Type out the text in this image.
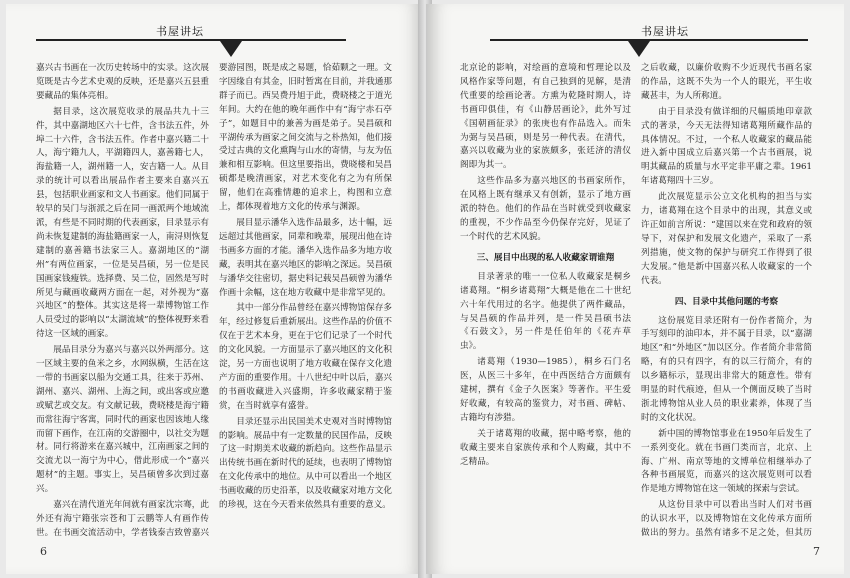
书屋讲坛

嘉兴古书画在一次历史转场中的实录。这次展览既是古今艺术史观的反映，还是嘉兴五县重要藏品的集体亮相。

据目录，这次展览收录的展品共九十三件，其中嘉湖地区六十七件，含书法五件，外埠二十六件，含书法五件。作者中嘉兴籍二十人，海宁籍九人，平湖籍四人，嘉善籍七人，海盐籍一人，湖州籍一人，安吉籍一人。从目录的统计可以看出展品作者主要来自嘉兴五县，包括职业画家和文人书画家。他们同属于较早的吴门与浙派之后在同一画派两个地域流派，有些是不同时期的代表画家，目录显示有尚未恢复建制的海盐籍画家一人，南浔则恢复建制的嘉善籍书法家三人。嘉湖地区的“湖州”有两位画家，一位是吴昌硕，另一位是民国画家钱瘦铁。选择费、吴二位，固然是写时所见与藏画收藏两方面在一起，对外视为“嘉兴地区”的整体。其实这是将一辈博物馆工作人员受过的影响以“太湖流域”的整体视野来看待这一区域的画家。

展品目录分为嘉兴与嘉兴以外两部分。这一区域主要的鱼米之乡，水网纵横，生活在这一带的书画家以船为交通工具，往来于苏州、湖州、嘉兴、湖州、上海之间，或出客或应邀或赋艺或交友。有文献记载，费晓楼是海宁籍而常往海宁客寓，同时代的画家也因该地人缘而留下画作，在江南的交游圈中，以社交为题材。同行将游来在嘉兴城中，江南画家之间的交流尤以一海宁为中心，借此形成一个“嘉兴题材”的主题。事实上，吴昌硕曾多次到过嘉兴。

嘉兴在清代道光年间就有画家沈宗骞，此外还有海宁籍张宗苍和丁云鹏等人有画作传世。在书画交流活动中，学者钱泰吉致曾嘉兴

要游园图，既是成之易题，恰茹颗之一理。文字因缘自有其金，旧时暂寓在目前，并我通那群子而已。西吴费丹旭于此，费晓楼之于道光年间。大约在他的晚年画作中有“海宁赤石亭子”，如题目中的兼善为画是弟子。吴昌硕和平湖传承为画家之间交流与之朴热知，他们接受过古典的文化熏陶与山水的寄情，与友为伍兼和相互影响。但这里要指出，费晓楼和吴昌硕都是晚清画家，对艺术变化有之为有所保留，他们在高雅情趣的追求上，构图和立意上，都体现着地方文化的传承与渊源。

展目显示潘华入选作品最多，达十幅，远远超过其他画家，同辈和晚辈，展现出他在诗书画多方面的才能。潘华入选作品多为地方收藏，表明其在嘉兴地区的影响之深远。吴昌硕与潘华交往密切，据史料记载吴昌硕曾为潘华作画十余幅，这在地方收藏中是非常罕见的。

其中一部分作品曾经在嘉兴博物馆保存多年，经过修复后重新展出。这些作品的价值不仅在于艺术本身，更在于它们记录了一个时代的文化风貌。一方面显示了嘉兴地区的文化积淀，另一方面也说明了地方收藏在保存文化遗产方面的重要作用。十八世纪中叶以后，嘉兴的书画收藏进入兴盛期，许多收藏家精于鉴赏，在当时就享有盛誉。

目录还显示出民国美术史观对当时博物馆的影响。展品中有一定数量的民国作品，反映了这一时期美术收藏的新趋向。这些作品显示出传统书画在新时代的延续，也表明了博物馆在文化传承中的地位。从中可以看出一个地区书画收藏的历史沿革，以及收藏家对地方文化的珍视，这在今天看来依然具有重要的意义。

6
书屋讲坛

北京论的影响，对绘画的意境和哲理论以及风格作家等问题，有自己独到的见解，是清代重要的绘画论著。方熏为乾隆时期人，诗书画印俱佳，有《山静居画论》，此外写过《国朝画征录》的张庚也有作品选入。而朱为弼与吴昌硕，则是另一种代表。在清代，嘉兴以收藏为业的家族颇多，张廷济的清仪阁即为其一。

这些作品多为嘉兴地区的书画家所作，在风格上既有继承又有创新，显示了地方画派的特色。他们的作品在当时就受到收藏家的重视，不少作品至今仍保存完好，见证了一个时代的艺术风貌。

三、展目中出现的私人收藏家谓谁翔

目录著录的唯一一位私人收藏家是桐乡诸葛翔。“桐乡诸葛翔”大概是他在二十世纪六十年代用过的名字。他提供了两件藏品，与吴昌硕的作品并列，是一件吴昌硕书法《石鼓文》，另一件是任伯年的《花卉草虫》。

诸葛翔（1930—1985），桐乡石门名医，从医三十多年，在中西医结合方面颇有建树，撰有《金子久医案》等著作。平生爱好收藏，有较高的鉴赏力，对书画、碑帖、古籍均有涉猎。

关于诸葛翔的收藏，据中略考察，他的收藏主要来自家族传承和个人购藏，其中不乏精品。

之后收藏，以廉价收购不少近现代书画名家的作品，这既不失为一个人的眼光，平生收藏甚丰，为人所称道。

由于目录没有做详细的尺幅质地印章款式的著录，今天无法得知诸葛翔所藏作品的具体情况。不过，一个私人收藏家的藏品能进入新中国成立后嘉兴第一个古书画展，说明其藏品的质量与水平定非平庸之辈。1961年诸葛翔四十三岁。

此次展览显示公立文化机构的担当与实力，诸葛翔在这个目录中的出现，其意义或许正如前言所说：“建国以来在党和政府的领导下，对保护和发展文化遗产，采取了一系列措施，使文物的保护与研究工作得到了很大发展。”他是新中国嘉兴私人收藏家的一个代表。

四、目录中其他问题的考察

这份展览目录还附有一份作者简介，为手写刻印的油印本，并不属于目录，以“嘉湖地区”和“外地区”加以区分。作者简介非常简略，有的只有四字，有的以三行简介，有的以乡籍标示，显现出非常大的随意性。带有明显的时代痕迹，但从一个侧面反映了当时浙北博物馆从业人员的职业素养，体现了当时的文化状况。

新中国的博物馆事业在1950年后发生了一系列变化。就在书画门类而言，北京、上海、广州、南京等地的文博单位相继举办了各种书画展览，而嘉兴的这次展览则可以看作是地方博物馆在这一领域的探索与尝试。

从这份目录中可以看出当时人们对书画的认识水平，以及博物馆在文化传承方面所做出的努力。虽然有诸多不足之处，但其历

7
